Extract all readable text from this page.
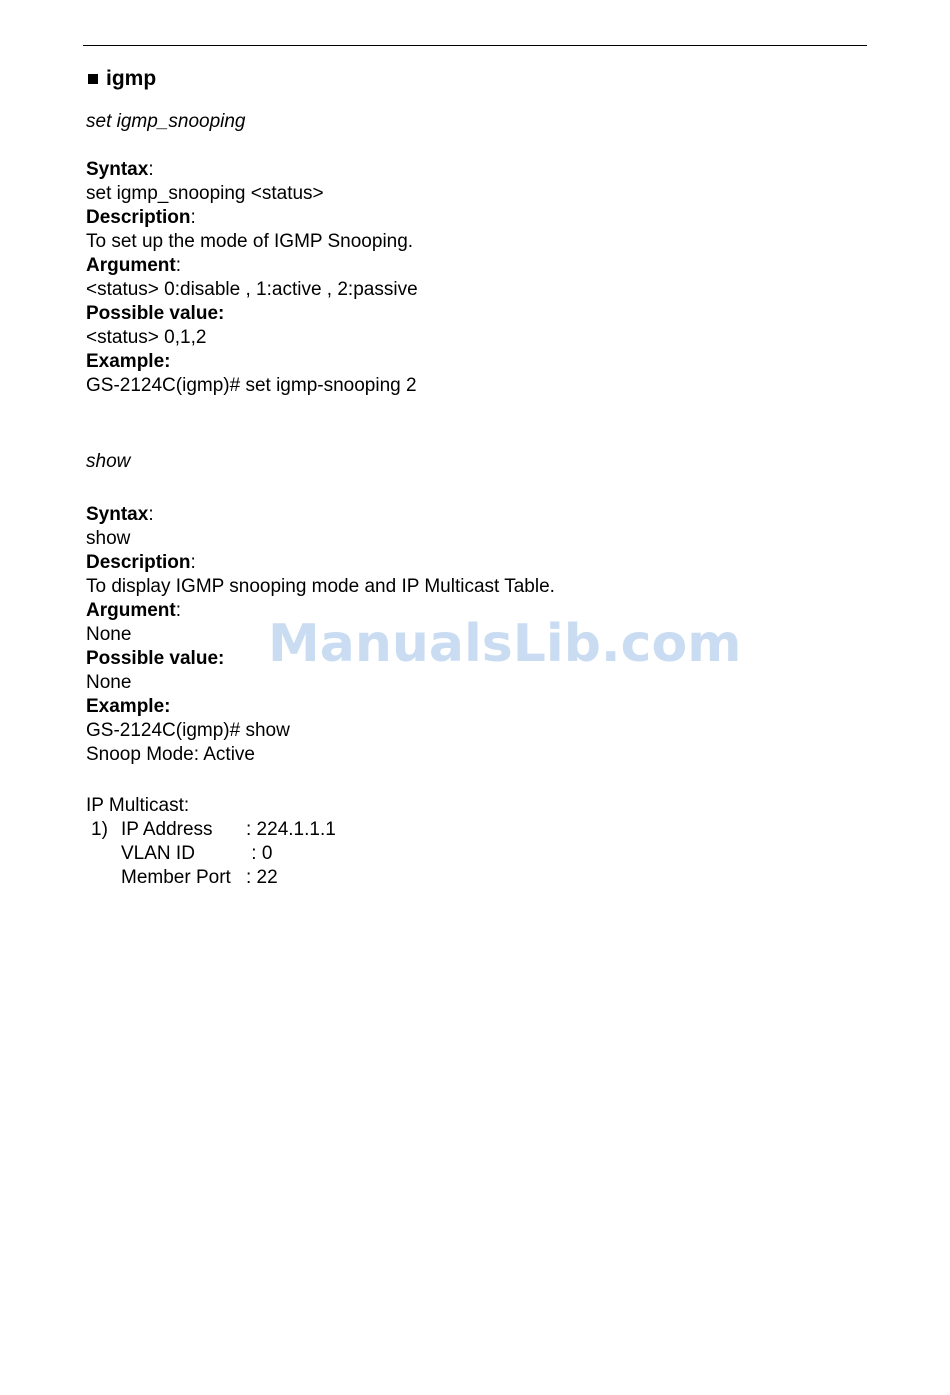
igmp
set igmp_snooping
Syntax:
set igmp_snooping <status>
Description:
To set up the mode of IGMP Snooping.
Argument:
<status> 0:disable , 1:active , 2:passive
Possible value:
<status> 0,1,2
Example:
GS-2124C(igmp)# set igmp-snooping 2
show
Syntax:
show
Description:
To display IGMP snooping mode and IP Multicast Table.
Argument:
None
Possible value:
None
Example:
GS-2124C(igmp)# show
Snoop Mode: Active
IP Multicast:
1) IP Address	: 224.1.1.1
VLAN ID	: 0
Member Port : 22
ManualsLib.com
